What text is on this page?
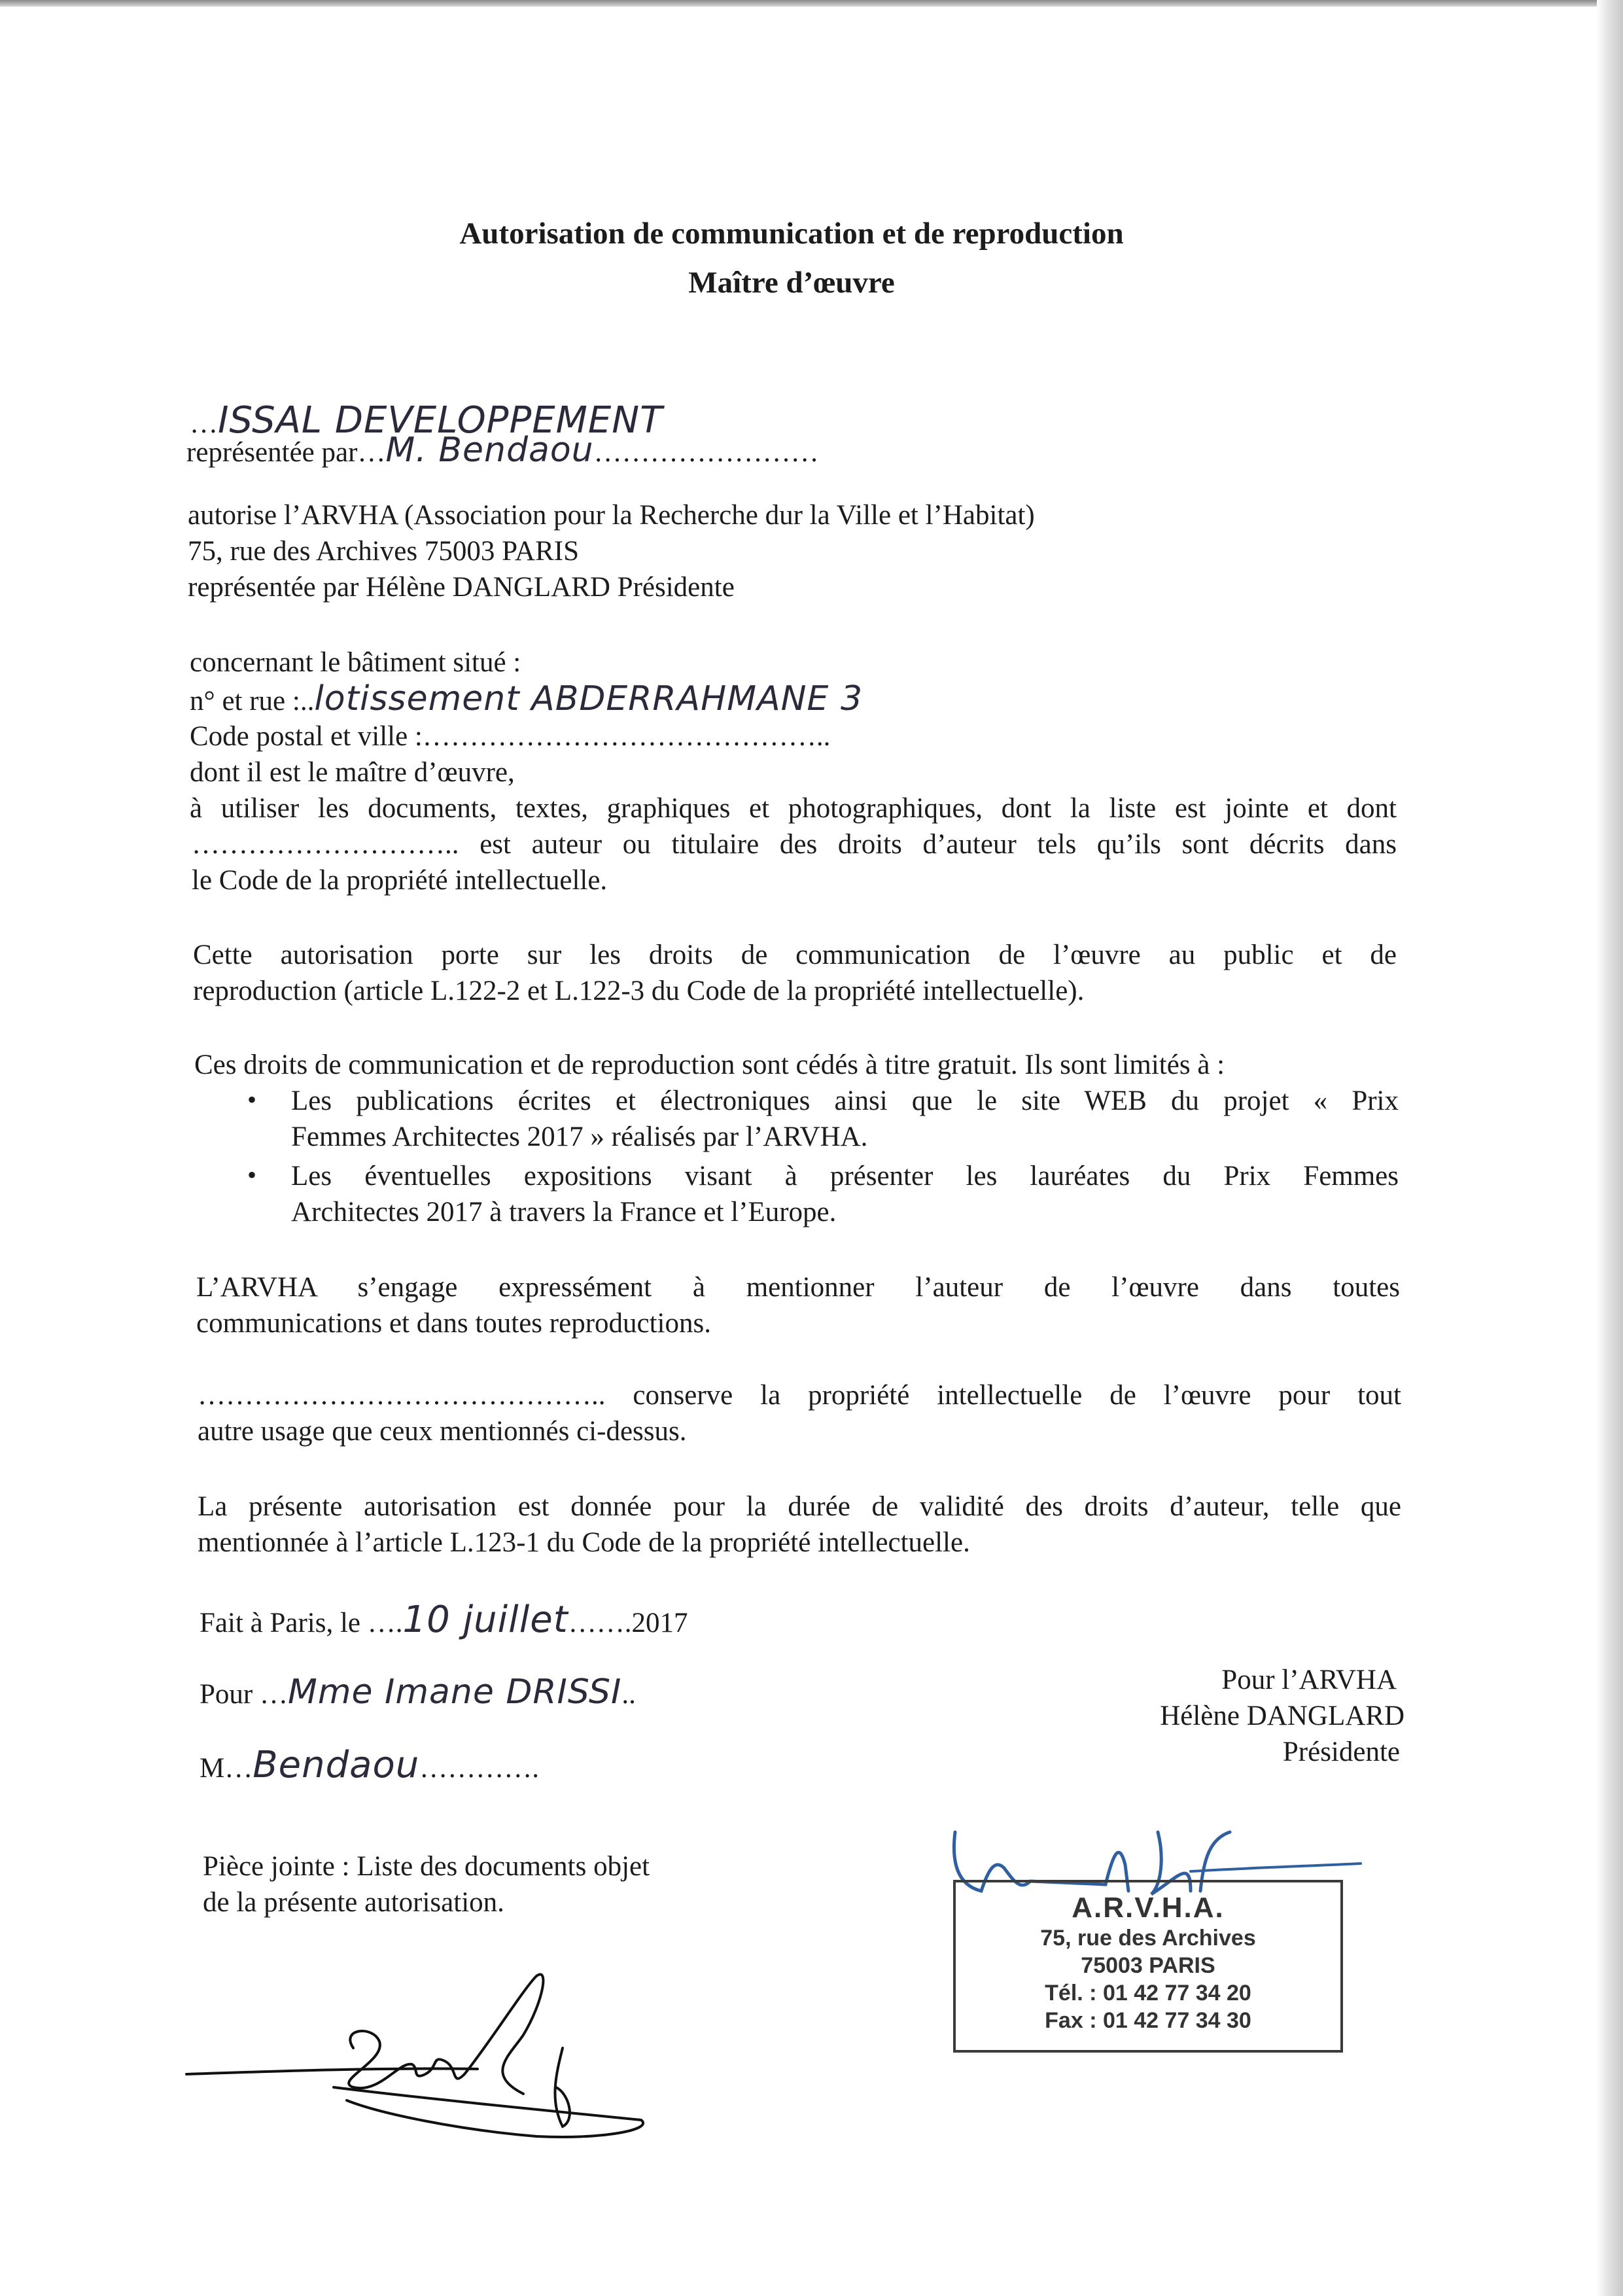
Autorisation de communication et de reproduction
Maître d’œuvre
…ISSAL DEVELOPPEMENT
représentée par…M. Bendaou……………………
autorise l’ARVHA (Association pour la Recherche dur la Ville et l’Habitat)
75, rue des Archives 75003 PARIS
représentée par Hélène DANGLARD Présidente
concernant le bâtiment situé :
n° et rue :..lotissement ABDERRAHMANE 3
Code postal et ville :……………………………………..
dont il est le maître d’œuvre,
à utiliser les documents, textes, graphiques et photographiques, dont la liste est jointe et dont
……………………….. est auteur ou titulaire des droits d’auteur tels qu’ils sont décrits dans
le Code de la propriété intellectuelle.
Cette autorisation porte sur les droits de communication de l’œuvre au public et de
reproduction (article L.122-2 et L.122-3 du Code de la propriété intellectuelle).
Ces droits de communication et de reproduction sont cédés à titre gratuit. Ils sont limités à :
• Les publications écrites et électroniques ainsi que le site WEB du projet « Prix
Femmes Architectes 2017 » réalisés par l’ARVHA.
• Les éventuelles expositions visant à présenter les lauréates du Prix Femmes
Architectes 2017 à travers la France et l’Europe.
L’ARVHA s’engage expressément à mentionner l’auteur de l’œuvre dans toutes
communications et dans toutes reproductions.
…………………………………….. conserve la propriété intellectuelle de l’œuvre pour tout
autre usage que ceux mentionnés ci-dessus.
La présente autorisation est donnée pour la durée de validité des droits d’auteur, telle que
mentionnée à l’article L.123-1 du Code de la propriété intellectuelle.
Fait à Paris, le ….10 juillet…….2017
Pour …Mme Imane DRISSI..
M…Bendaou………….
Pour l’ARVHA
Hélène DANGLARD
Présidente
Pièce jointe : Liste des documents objet
de la présente autorisation.	A.R.V.H.A.
75, rue des Archives
75003 PARIS
Tél. : 01 42 77 34 20
Fax : 01 42 77 34 30
